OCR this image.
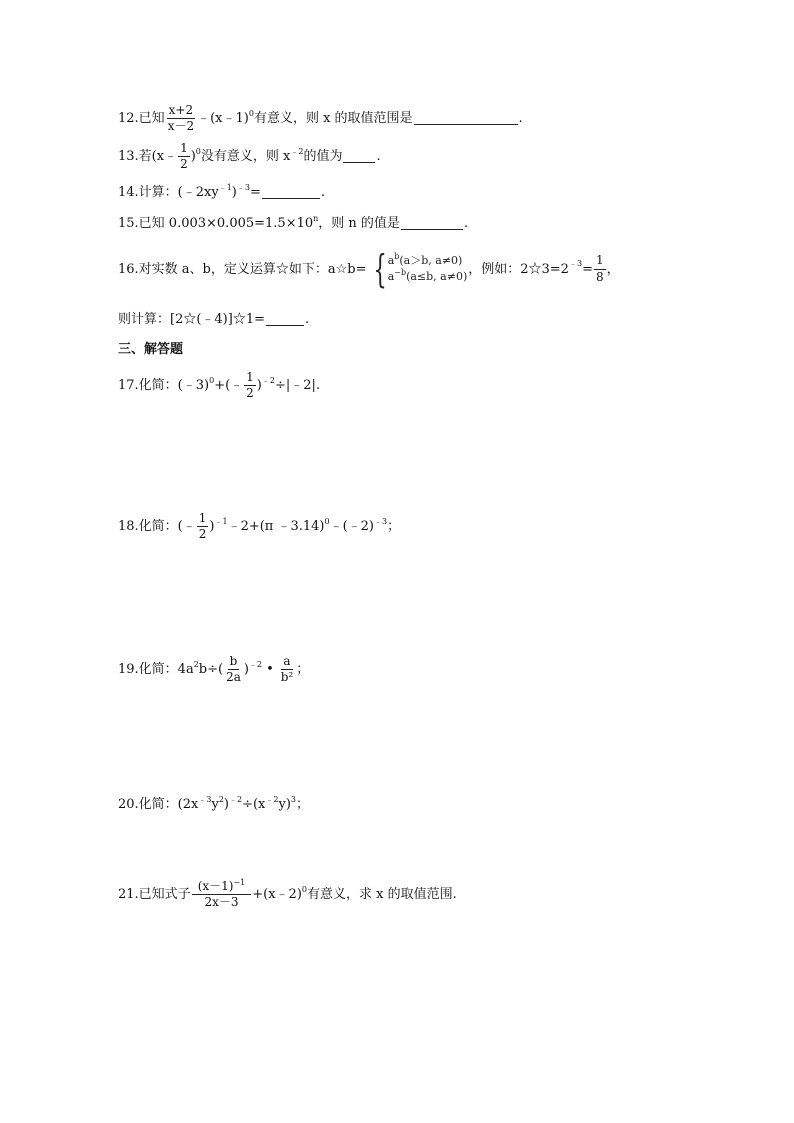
12.已知 $\frac{x+2}{x-2}$ ﹣(x﹣1)$^0$ 有意义，则 x 的取值范围是	.
13.若(x﹣ $\frac{1}{2} )^0$ 没有意义，则 $x^{﹣2}$ 的值为	.
14.计算：($﹣2xy^{﹣1}$ )$^{﹣3}$ =	.
15.已知 $0.003\times 0.005=1.5\times 10^n$ ，则 n 的值是	.
16.对实数 a、b，定义运算☆如下：a☆b= { $a^b(a>b$, a≠0)
$a^{-b}(a\le b$, a≠0) ，例如：$2☆3=2^{﹣3} = \frac{1}{8}$ ，
则计算：[2☆(﹣4)]☆1=	.
三、解答题
17.化简：(﹣3)$^0$ +(﹣ $\frac{1}{2} )^{﹣2}$ ÷|﹣2|.
18.化简：(﹣ $\frac{1}{2} )^{﹣1}$ ﹣2+(π ﹣3.14)$^0$ ﹣(﹣2)$^{﹣3}$ ；
19.化简：$4a^2$ $b\div( \frac{b}{2a} )^{﹣2}$ • $\frac{a}{\text{b²}}$ ；
20.化简：($2x^{﹣3}$ $y^2$ )$^{﹣2} \div(x^{﹣2}$ y)$^3$ ；
21.已知式子 $\frac{(x-1)^{-1}}{2x-3}$ +(x﹣2)$^0$ 有意义，求 x 的取值范围.
